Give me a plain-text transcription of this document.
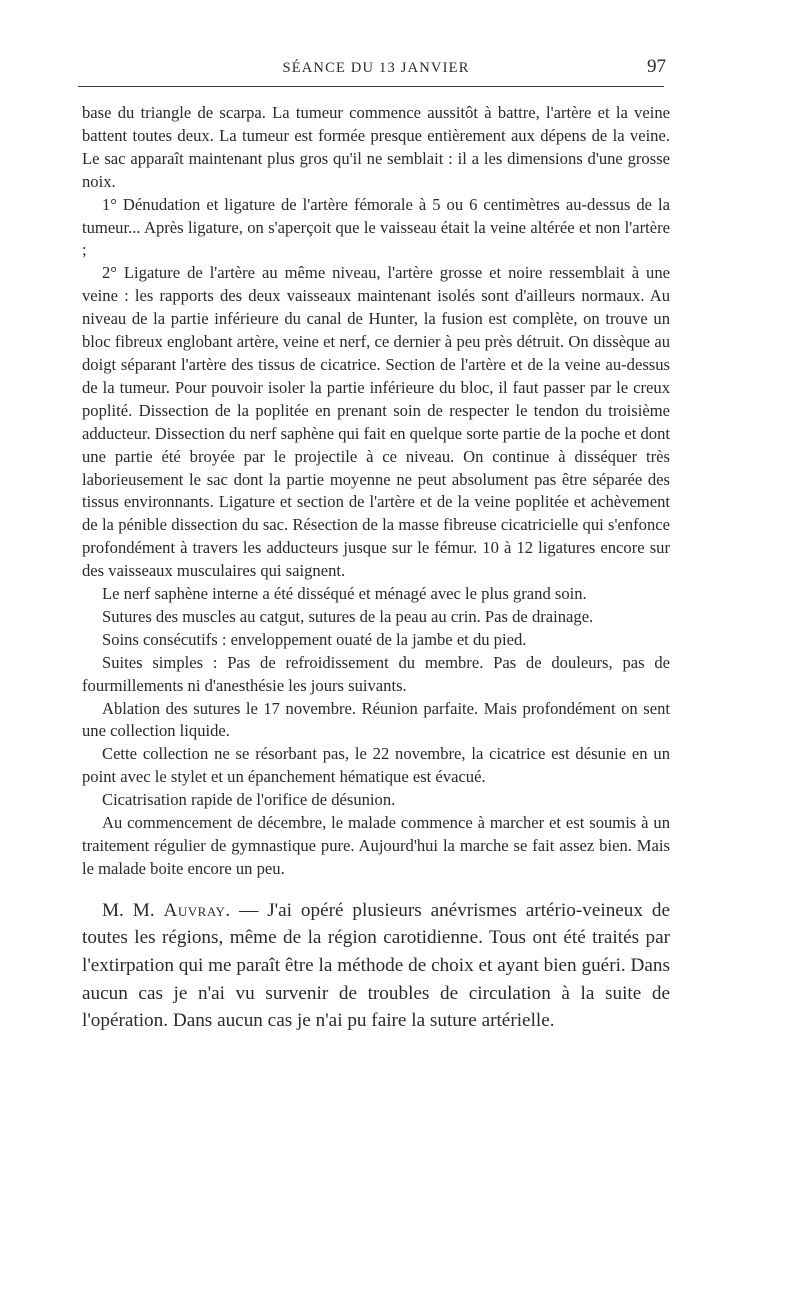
SÉANCE DU 13 JANVIER	97

base du triangle de scarpa. La tumeur commence aussitôt à battre, l'artère et la veine battent toutes deux. La tumeur est formée presque entièrement aux dépens de la veine. Le sac apparaît maintenant plus gros qu'il ne semblait : il a les dimensions d'une grosse noix.

1° Dénudation et ligature de l'artère fémorale à 5 ou 6 centimètres au-dessus de la tumeur... Après ligature, on s'aperçoit que le vaisseau était la veine altérée et non l'artère ;

2° Ligature de l'artère au même niveau, l'artère grosse et noire ressemblait à une veine : les rapports des deux vaisseaux maintenant isolés sont d'ailleurs normaux. Au niveau de la partie inférieure du canal de Hunter, la fusion est complète, on trouve un bloc fibreux englobant artère, veine et nerf, ce dernier à peu près détruit. On dissèque au doigt séparant l'artère des tissus de cicatrice. Section de l'artère et de la veine au-dessus de la tumeur. Pour pouvoir isoler la partie inférieure du bloc, il faut passer par le creux poplité. Dissection de la poplitée en prenant soin de respecter le tendon du troisième adducteur. Dissection du nerf saphène qui fait en quelque sorte partie de la poche et dont une partie été broyée par le projectile à ce niveau. On continue à disséquer très laborieusement le sac dont la partie moyenne ne peut absolument pas être séparée des tissus environnants. Ligature et section de l'artère et de la veine poplitée et achèvement de la pénible dissection du sac. Résection de la masse fibreuse cicatricielle qui s'enfonce profondément à travers les adducteurs jusque sur le fémur. 10 à 12 ligatures encore sur des vaisseaux musculaires qui saignent.

Le nerf saphène interne a été disséqué et ménagé avec le plus grand soin.

Sutures des muscles au catgut, sutures de la peau au crin. Pas de drainage.

Soins consécutifs : enveloppement ouaté de la jambe et du pied.

Suites simples : Pas de refroidissement du membre. Pas de douleurs, pas de fourmillements ni d'anesthésie les jours suivants.

Ablation des sutures le 17 novembre. Réunion parfaite. Mais profondément on sent une collection liquide.

Cette collection ne se résorbant pas, le 22 novembre, la cicatrice est désunie en un point avec le stylet et un épanchement hématique est évacué.

Cicatrisation rapide de l'orifice de désunion.

Au commencement de décembre, le malade commence à marcher et est soumis à un traitement régulier de gymnastique pure. Aujourd'hui la marche se fait assez bien. Mais le malade boite encore un peu.

M. M. Auvray. — J'ai opéré plusieurs anévrismes artério-veineux de toutes les régions, même de la région carotidienne. Tous ont été traités par l'extirpation qui me paraît être la méthode de choix et ayant bien guéri. Dans aucun cas je n'ai vu survenir de troubles de circulation à la suite de l'opération. Dans aucun cas je n'ai pu faire la suture artérielle.
